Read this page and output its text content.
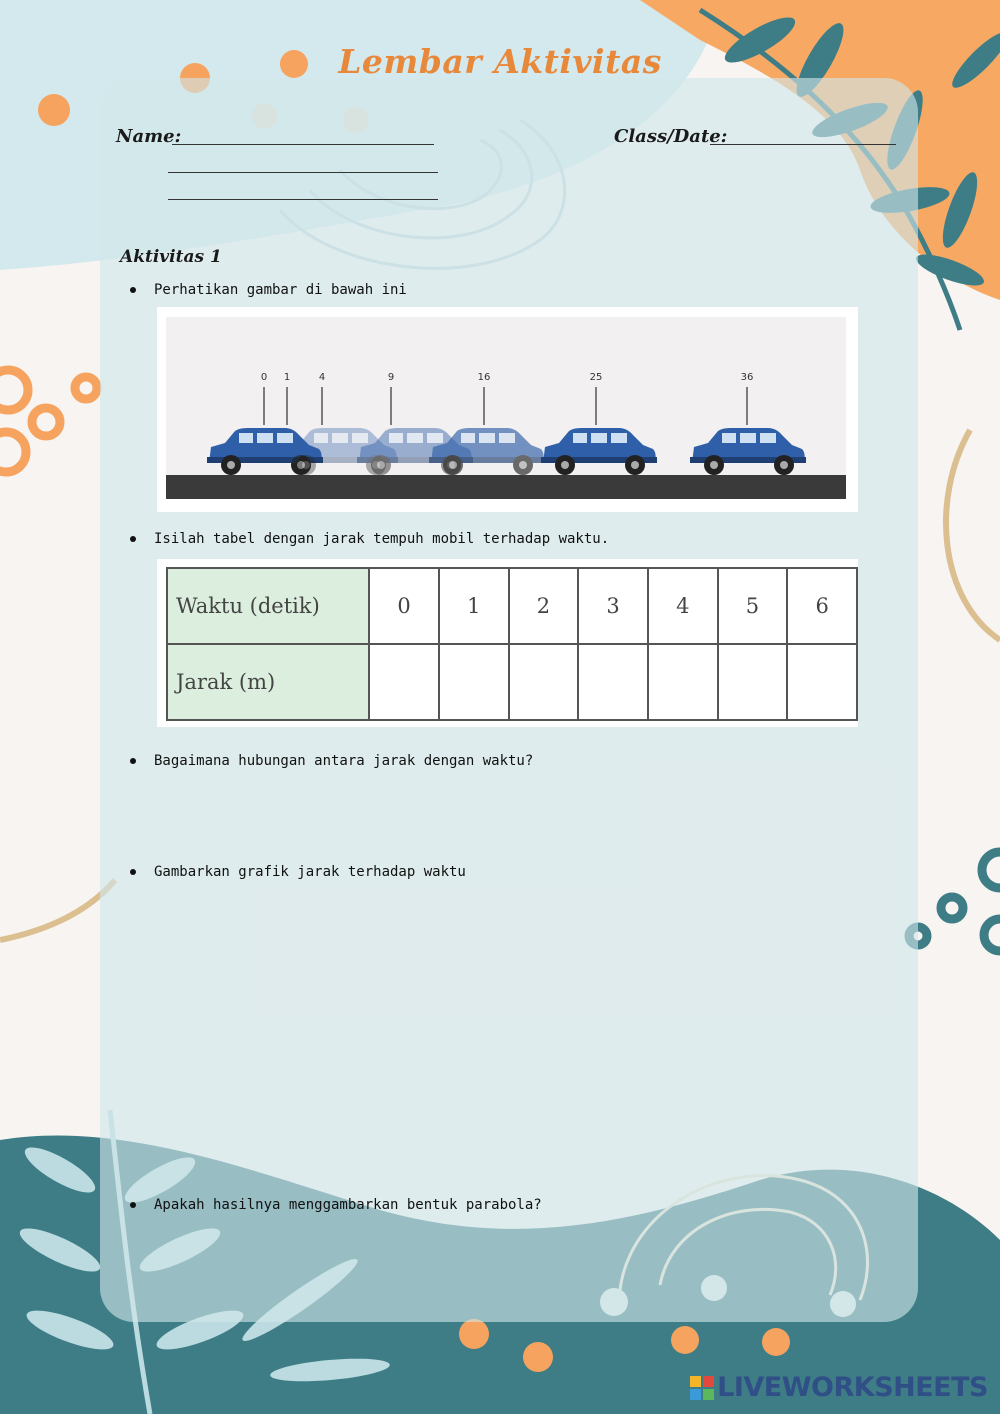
Lembar Aktivitas
Name:	Class/Date:
Aktivitas 1
Perhatikan gambar di bawah ini
0 1	4	9	16	25	36
Isilah tabel dengan jarak tempuh mobil terhadap waktu.
Waktu (detik)	0	1	2	3	4	5	6
Jarak (m)							
Bagaimana hubungan antara jarak dengan waktu?
Gambarkan grafik jarak terhadap waktu
Apakah hasilnya menggambarkan bentuk parabola?
LIVEWORKSHEETS
